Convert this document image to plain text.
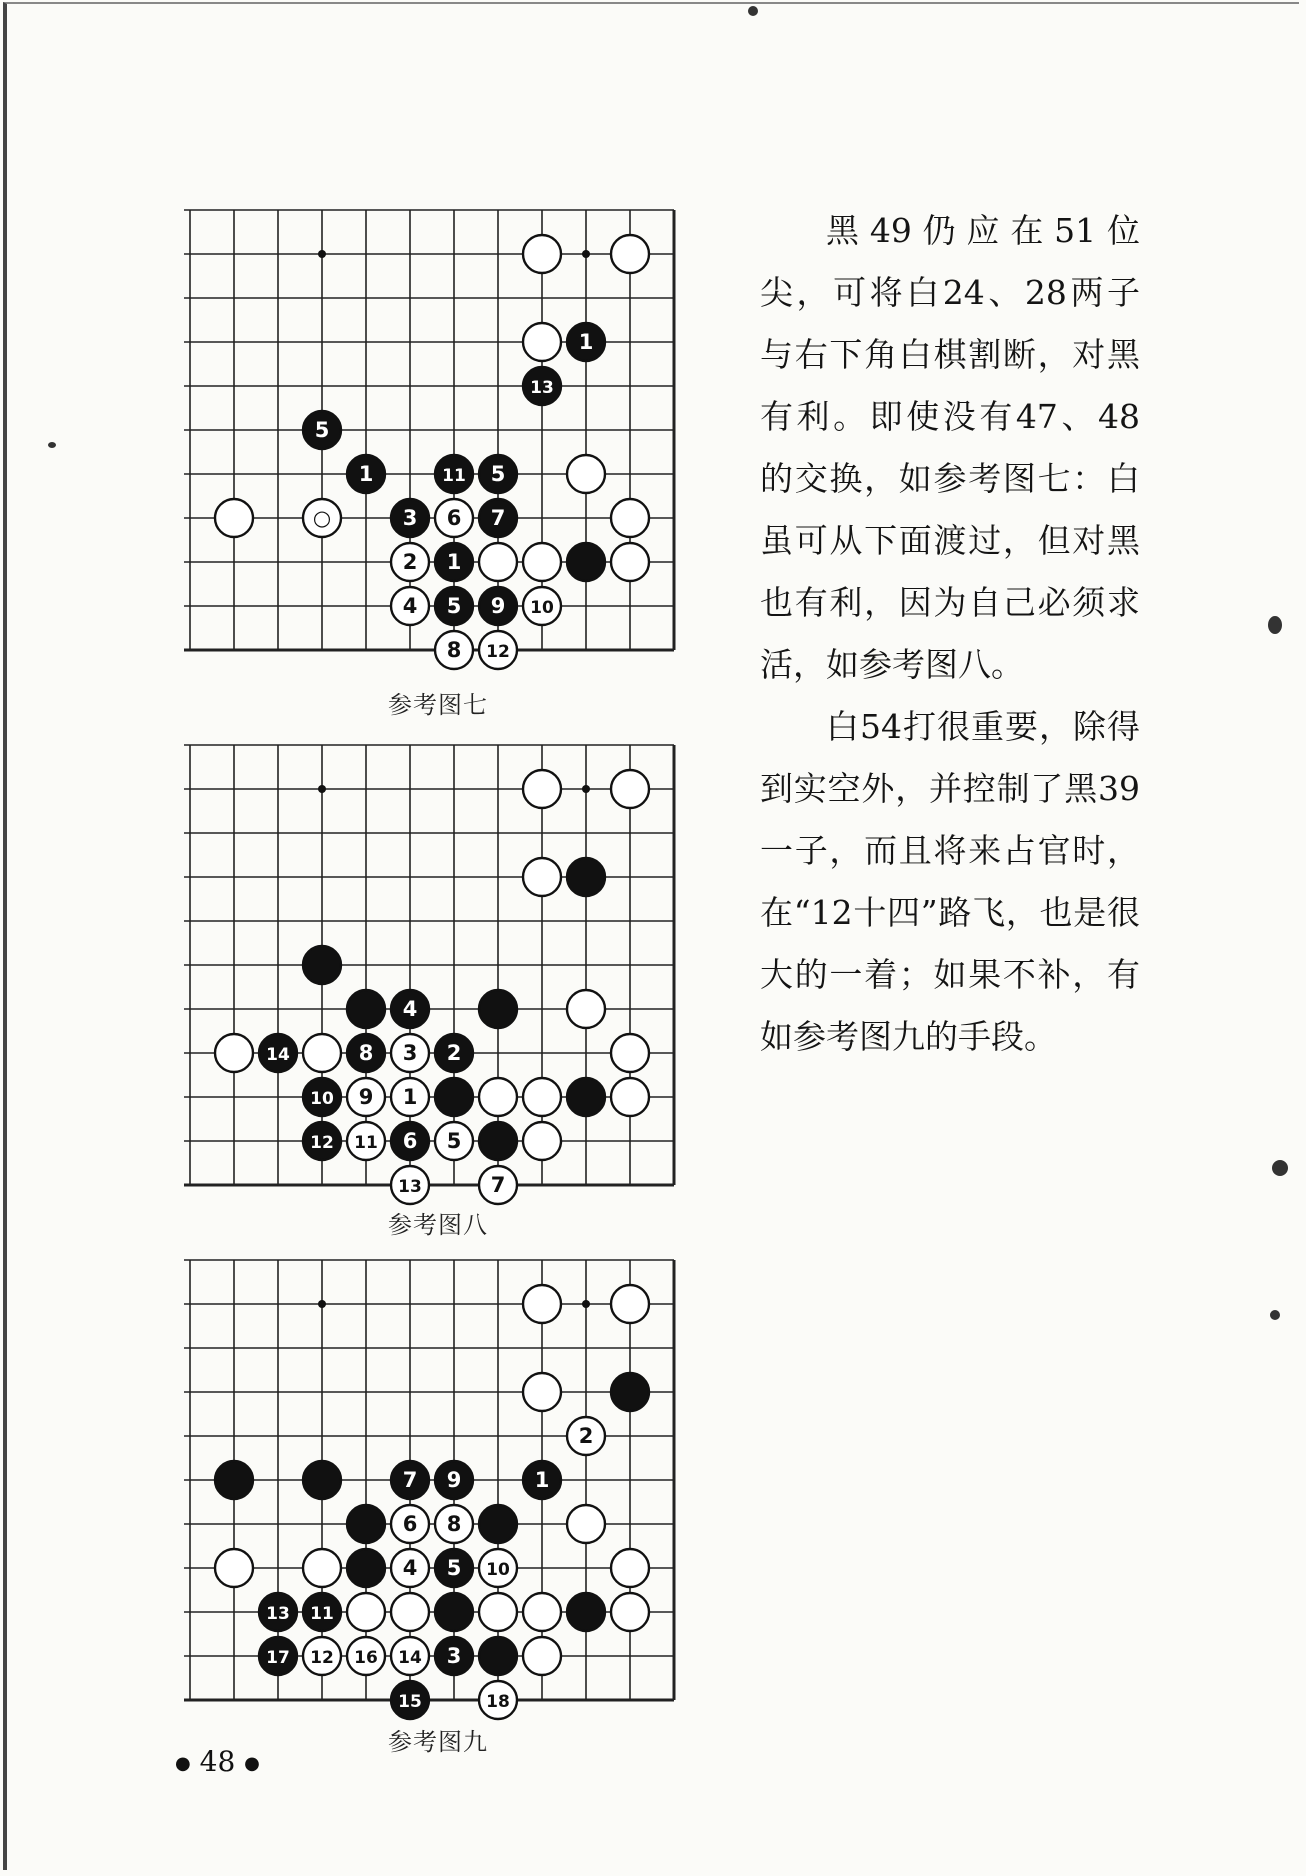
○	6
2
4	10
8 12
1
5
1	11 5
3	7
1
5 9
13
参考图七
3
9 1
11	5
13	7
4
14	8	2
10
12	6
参考图八
2
6 8
4	10
12 16 14
18
7 9	1
5
13 11
17	3
15
参考图九

黑49仍应在51位尖，可将白24、28两子与右下角白棋割断，对黑有利。即使没有47、48的交换，如参考图七：白虽可从下面渡过，但对黑也有利，因为自己必须求活，如参考图八。

白54打很重要，除得到实空外，并控制了黑39一子，而且将来占官时，在“12十四”路飞，也是很大的一着；如果不补，有如参考图九的手段。

● 48 ●
